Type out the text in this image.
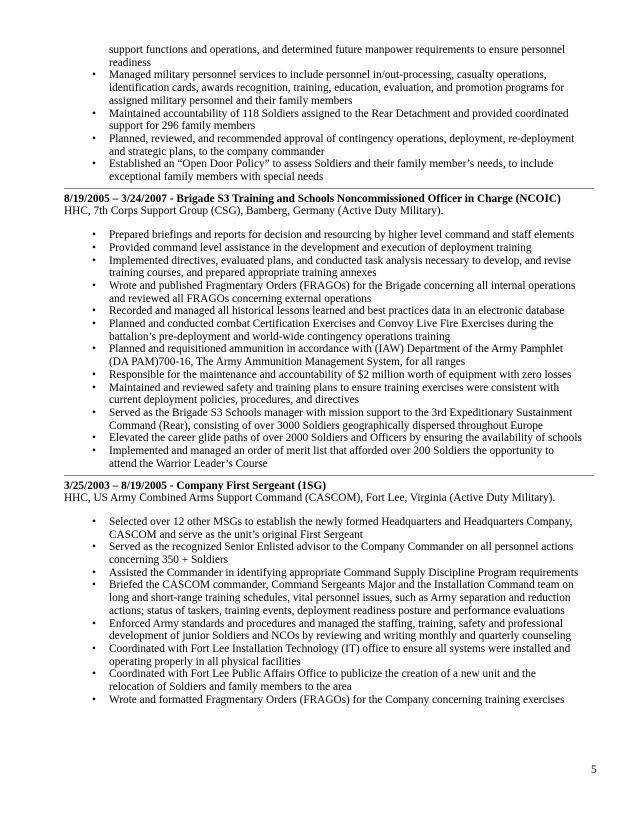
support functions and operations, and determined future manpower requirements to ensure personnel
readiness
• Managed military personnel services to include personnel in/out-processing, casualty operations,
identification cards, awards recognition, training, education, evaluation, and promotion programs for
assigned military personnel and their family members
• Maintained accountability of 118 Soldiers assigned to the Rear Detachment and provided coordinated
support for 296 family members
• Planned, reviewed, and recommended approval of contingency operations, deployment, re-deployment
and strategic plans, to the company commander
• Established an “Open Door Policy” to assess Soldiers and their family member’s needs, to include
exceptional family members with special needs
8/19/2005 – 3/24/2007 - Brigade S3 Training and Schools Noncommissioned Officer in Charge (NCOIC)
HHC, 7th Corps Support Group (CSG), Bamberg, Germany (Active Duty Military).
• Prepared briefings and reports for decision and resourcing by higher level command and staff elements
• Provided command level assistance in the development and execution of deployment training
• Implemented directives, evaluated plans, and conducted task analysis necessary to develop, and revise
training courses, and prepared appropriate training annexes
• Wrote and published Fragmentary Orders (FRAGOs) for the Brigade concerning all internal operations
and reviewed all FRAGOs concerning external operations
• Recorded and managed all historical lessons learned and best practices data in an electronic database
• Planned and conducted combat Certification Exercises and Convoy Live Fire Exercises during the
battalion’s pre-deployment and world-wide contingency operations training
• Planned and requisitioned ammunition in accordance with (IAW) Department of the Army Pamphlet
(DA PAM)700-16, The Army Ammunition Management System, for all ranges
• Responsible for the maintenance and accountability of $2 million worth of equipment with zero losses
• Maintained and reviewed safety and training plans to ensure training exercises were consistent with
current deployment policies, procedures, and directives
• Served as the Brigade S3 Schools manager with mission support to the 3rd Expeditionary Sustainment
Command (Rear), consisting of over 3000 Soldiers geographically dispersed throughout Europe
• Elevated the career glide paths of over 2000 Soldiers and Officers by ensuring the availability of schools
• Implemented and managed an order of merit list that afforded over 200 Soldiers the opportunity to
attend the Warrior Leader’s Course
3/25/2003 – 8/19/2005 - Company First Sergeant (1SG)
HHC, US Army Combined Arms Support Command (CASCOM), Fort Lee, Virginia (Active Duty Military).
• Selected over 12 other MSGs to establish the newly formed Headquarters and Headquarters Company,
CASCOM and serve as the unit’s original First Sergeant
• Served as the recognized Senior Enlisted advisor to the Company Commander on all personnel actions
concerning 350 + Soldiers
• Assisted the Commander in identifying appropriate Command Supply Discipline Program requirements
• Briefed the CASCOM commander, Command Sergeants Major and the Installation Command team on
long and short-range training schedules, vital personnel issues, such as Army separation and reduction
actions; status of taskers, training events, deployment readiness posture and performance evaluations
• Enforced Army standards and procedures and managed the staffing, training, safety and professional
development of junior Soldiers and NCOs by reviewing and writing monthly and quarterly counseling
• Coordinated with Fort Lee Installation Technology (IT) office to ensure all systems were installed and
operating properly in all physical facilities
• Coordinated with Fort Lee Public Affairs Office to publicize the creation of a new unit and the
relocation of Soldiers and family members to the area
• Wrote and formatted Fragmentary Orders (FRAGOs) for the Company concerning training exercises
5
